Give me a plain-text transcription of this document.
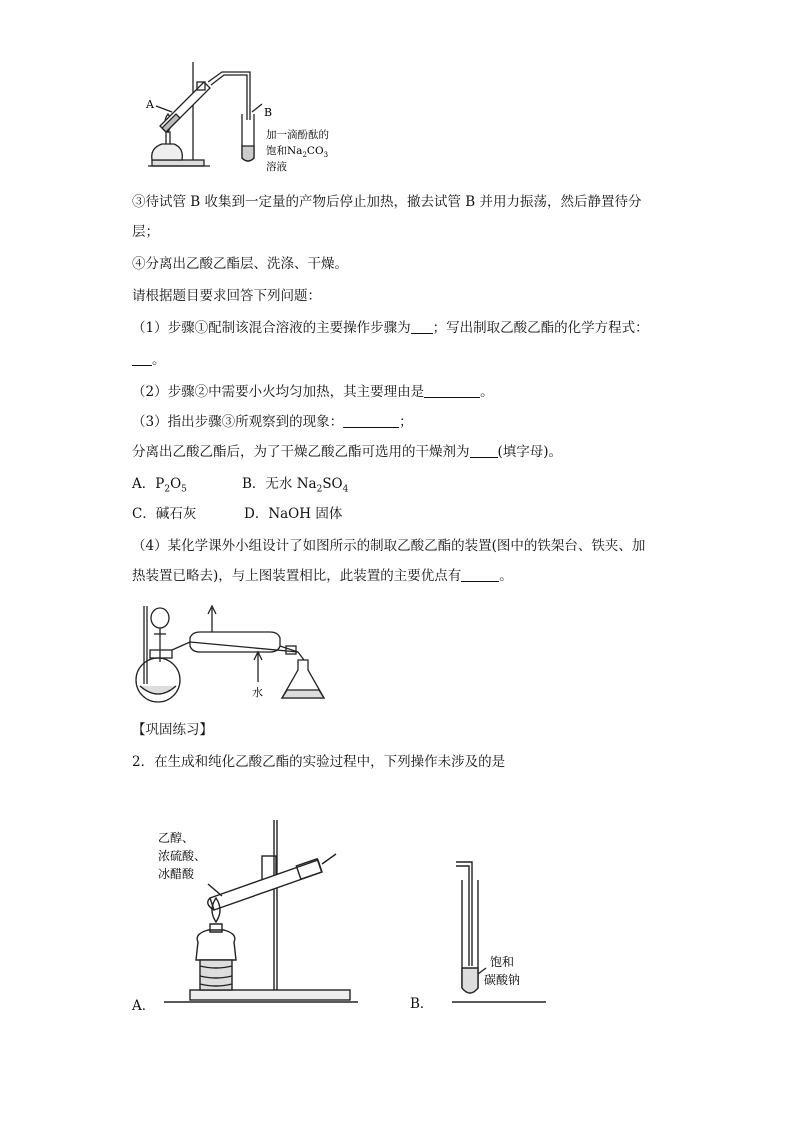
A
B
加一滴酚酞的
饱和$Na_2CO_3$
溶液
③待试管 B 收集到一定量的产物后停止加热，撤去试管 B 并用力振荡，然后静置待分
层；
④分离出乙酸乙酯层、洗涤、干燥。
请根据题目要求回答下列问题：
（1）步骤①配制该混合溶液的主要操作步骤为 ；写出制取乙酸乙酯的化学方程式：
。
（2）步骤②中需要小火均匀加热，其主要理由是	。
（3）指出步骤③所观察到的现象：	；
分离出乙酸乙酯后，为了干燥乙酸乙酯可选用的干燥剂为 (填字母)。
A．$P_2O_5$	B．无水 $Na_2SO_4$
C．碱石灰	D．NaOH 固体
（4）某化学课外小组设计了如图所示的制取乙酸乙酯的装置(图中的铁架台、铁夹、加
热装置已略去)，与上图装置相比，此装置的主要优点有	。
水
【巩固练习】
2．在生成和纯化乙酸乙酯的实验过程中，下列操作未涉及的是
乙醇、
浓硫酸、
冰醋酸
A．
饱和
碳酸钠
B．
